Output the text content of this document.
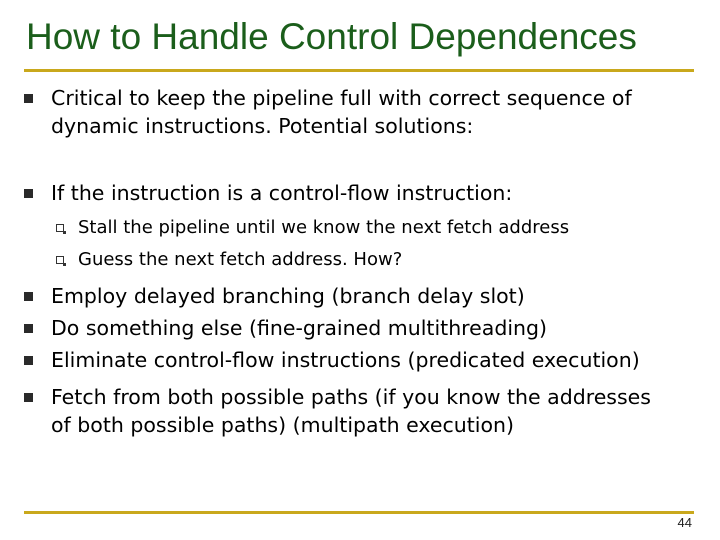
How to Handle Control Dependences
Critical to keep the pipeline full with correct sequence of
dynamic instructions. Potential solutions:
If the instruction is a control-flow instruction:
Stall the pipeline until we know the next fetch address
Guess the next fetch address. How?
Employ delayed branching (branch delay slot)
Do something else (fine-grained multithreading)
Eliminate control-flow instructions (predicated execution)
Fetch from both possible paths (if you know the addresses
of both possible paths) (multipath execution)
44
